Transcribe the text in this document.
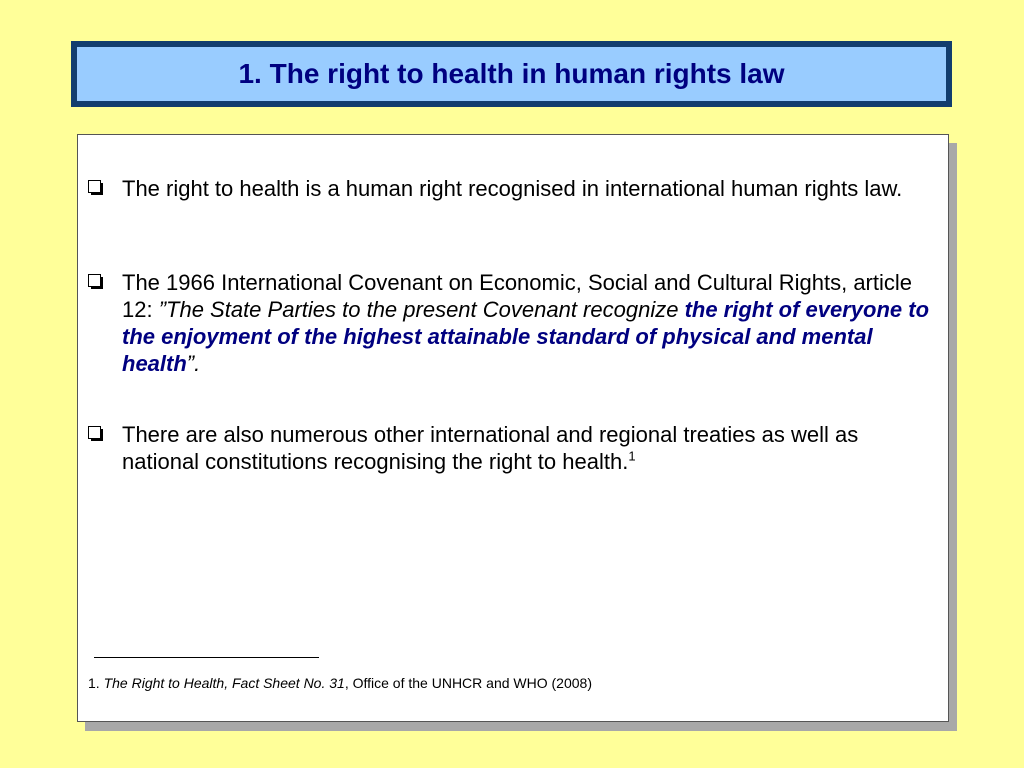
1. The right to health in human rights law
The right to health is a human right recognised in international human rights law.
The 1966 International Covenant on Economic, Social and Cultural Rights, article 12: ”The State Parties to the present Covenant recognize the right of everyone to the enjoyment of the highest attainable standard of physical and mental health”.
There are also numerous other international and regional treaties as well as national constitutions recognising the right to health.$^1$
1. The Right to Health, Fact Sheet No. 31, Office of the UNHCR and WHO (2008)
